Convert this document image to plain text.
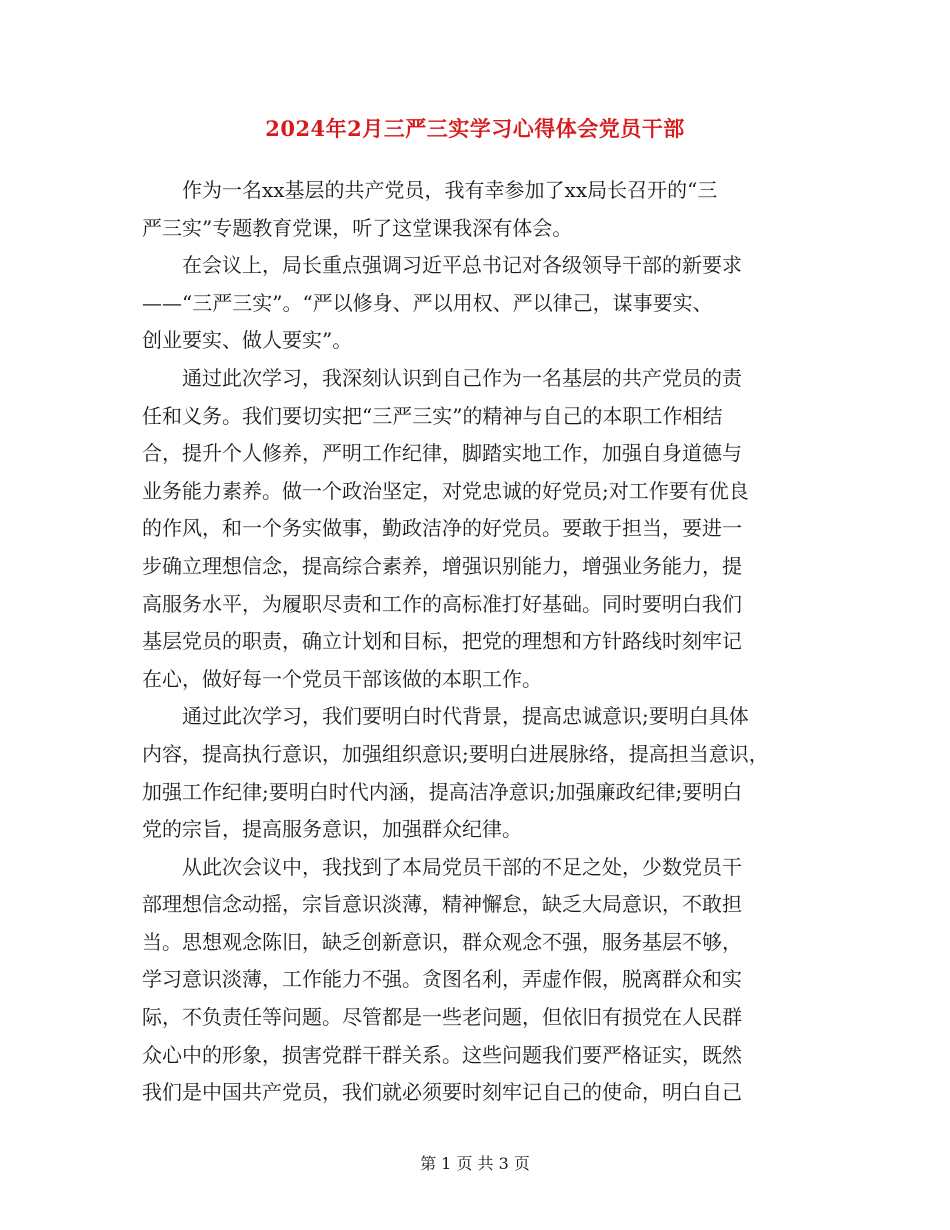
2024年2月三严三实学习心得体会党员干部
　　作为一名xx基层的共产党员，我有幸参加了xx局长召开的“三
严三实”专题教育党课，听了这堂课我深有体会。
　　在会议上，局长重点强调习近平总书记对各级领导干部的新要求
——“三严三实”。“严以修身、严以用权、严以律己，谋事要实、
创业要实、做人要实”。
　　通过此次学习，我深刻认识到自己作为一名基层的共产党员的责
任和义务。我们要切实把“三严三实”的精神与自己的本职工作相结
合，提升个人修养，严明工作纪律，脚踏实地工作，加强自身道德与
业务能力素养。做一个政治坚定，对党忠诚的好党员;对工作要有优良
的作风，和一个务实做事，勤政洁净的好党员。要敢于担当，要进一
步确立理想信念，提高综合素养，增强识别能力，增强业务能力，提
高服务水平，为履职尽责和工作的高标准打好基础。同时要明白我们
基层党员的职责，确立计划和目标，把党的理想和方针路线时刻牢记
在心，做好每一个党员干部该做的本职工作。
　　通过此次学习，我们要明白时代背景，提高忠诚意识;要明白具体
内容，提高执行意识，加强组织意识;要明白进展脉络，提高担当意识，
加强工作纪律;要明白时代内涵，提高洁净意识;加强廉政纪律;要明白
党的宗旨，提高服务意识，加强群众纪律。
　　从此次会议中，我找到了本局党员干部的不足之处，少数党员干
部理想信念动摇，宗旨意识淡薄，精神懈怠，缺乏大局意识，不敢担
当。思想观念陈旧，缺乏创新意识，群众观念不强，服务基层不够，
学习意识淡薄，工作能力不强。贪图名利，弄虚作假，脱离群众和实
际，不负责任等问题。尽管都是一些老问题，但依旧有损党在人民群
众心中的形象，损害党群干群关系。这些问题我们要严格证实，既然
我们是中国共产党员，我们就必须要时刻牢记自己的使命，明白自己
第 1 页 共 3 页
